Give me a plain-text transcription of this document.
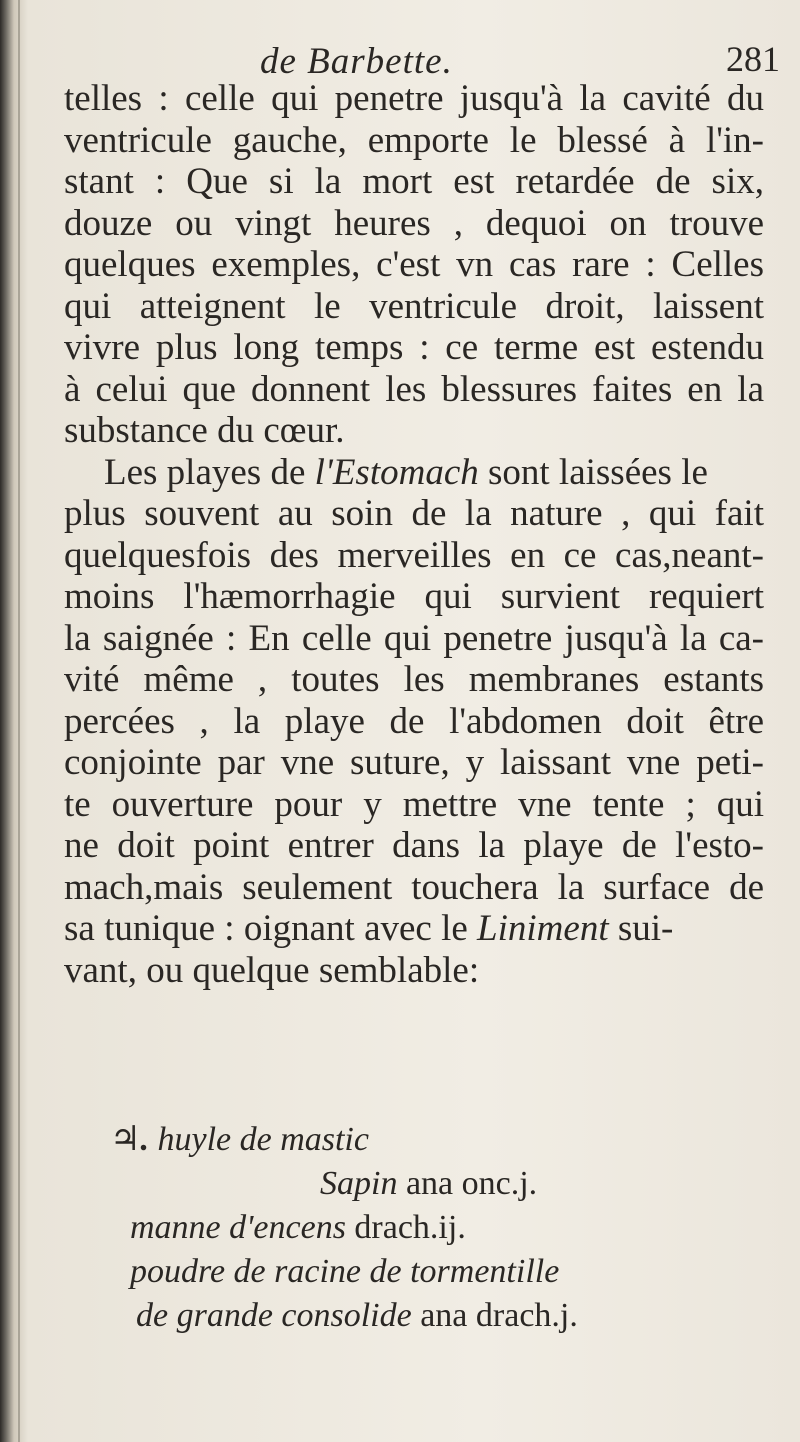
de Barbette.	281
telles : celle qui penetre jusqu'à la cavité du
ventricule gauche, emporte le blessé à l'in-
stant : Que si la mort est retardée de six,
douze ou vingt heures , dequoi on trouve
quelques exemples, c'est vn cas rare : Celles
qui atteignent le ventricule droit, laissent
vivre plus long temps : ce terme est estendu
à celui que donnent les blessures faites en la
substance du cœur.
Les playes de l'Estomach sont laissées le
plus souvent au soin de la nature , qui fait
quelquesfois des merveilles en ce cas,neant-
moins l'hæmorrhagie qui survient requiert
la saignée : En celle qui penetre jusqu'à la ca-
vité même , toutes les membranes estants
percées , la playe de l'abdomen doit être
conjointe par vne suture, y laissant vne peti-
te ouverture pour y mettre vne tente ; qui
ne doit point entrer dans la playe de l'esto-
mach,mais seulement touchera la surface de
sa tunique : oignant avec le Liniment sui-
vant, ou quelque semblable:
♃. huyle de mastic
Sapin ana onc.j.
manne d'encens drach.ij.
poudre de racine de tormentille
de grande consolide ana drach.j.
